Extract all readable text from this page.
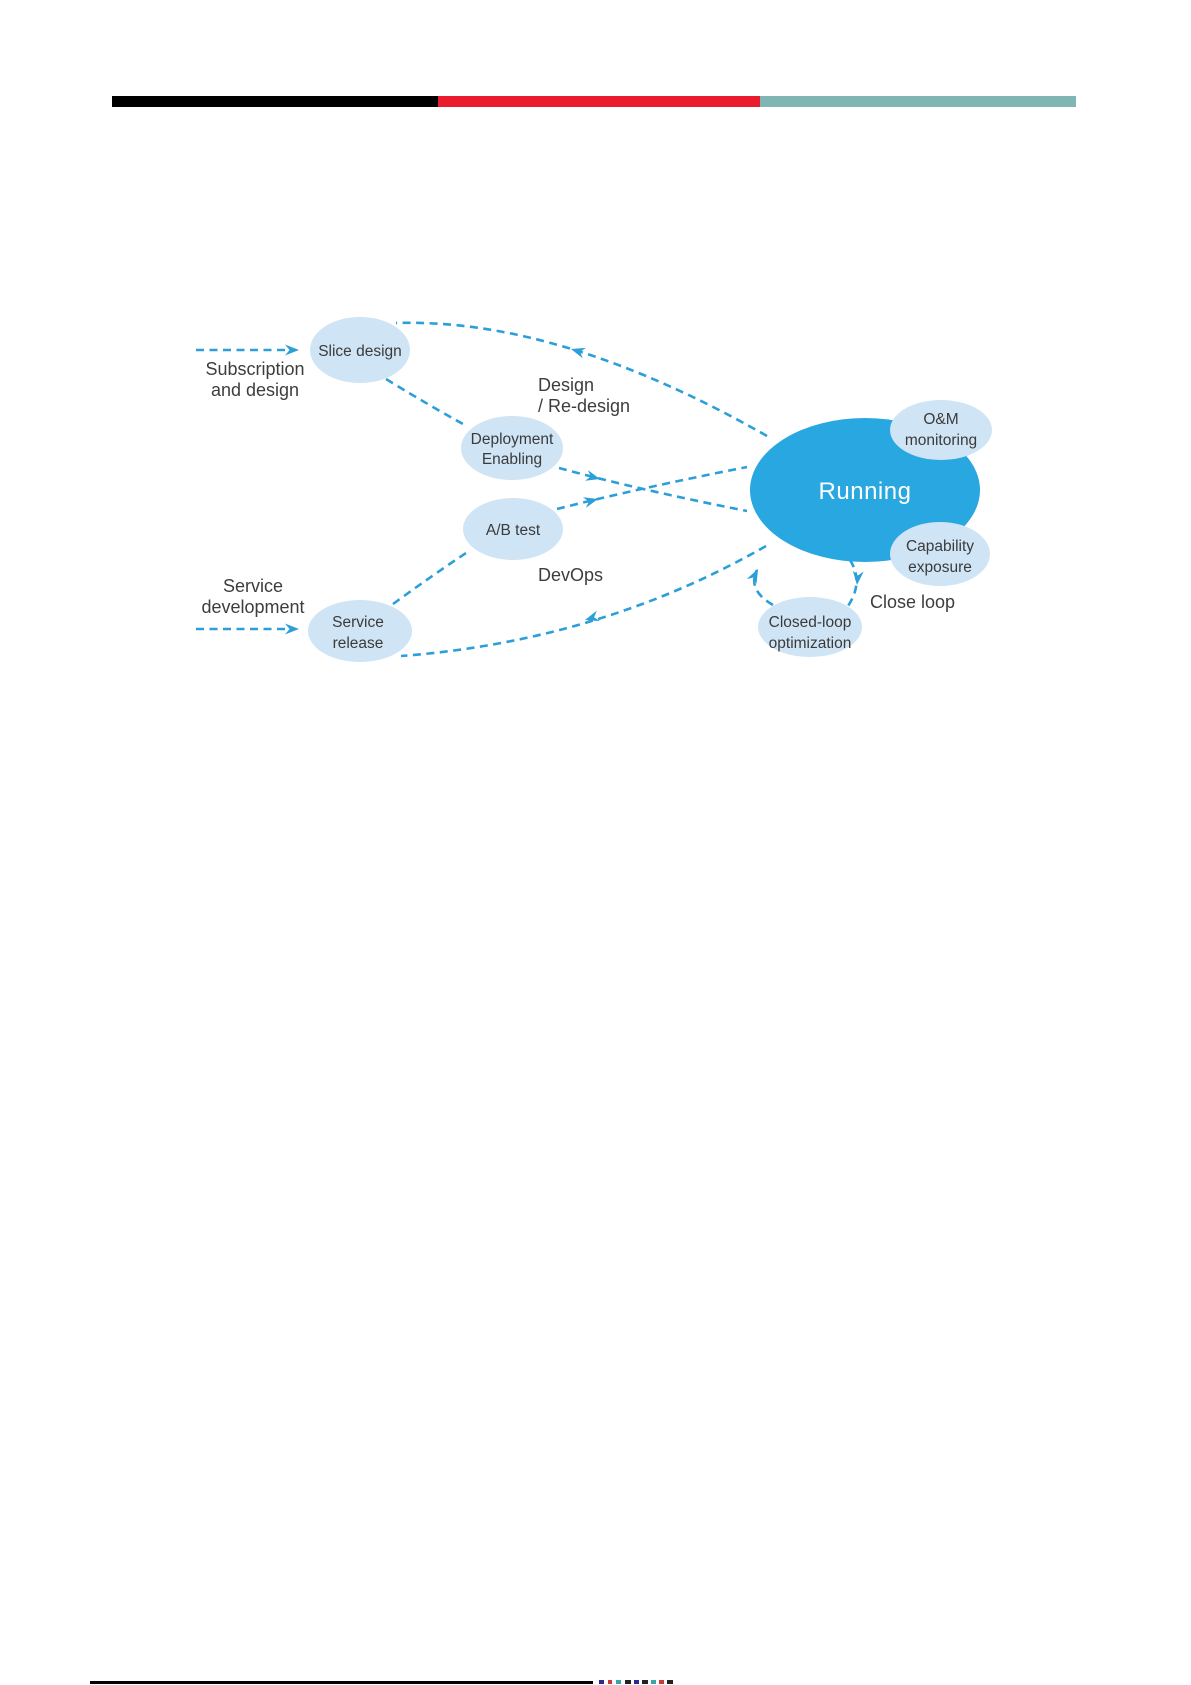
Slice design
Deployment
Enabling
A/B test
Service
release
Running
O&M
monitoring
Capability
exposure
Closed-loop
optimization
Subscription
and design	Design
/ Re-design
DevOps
Service
development	Close loop
